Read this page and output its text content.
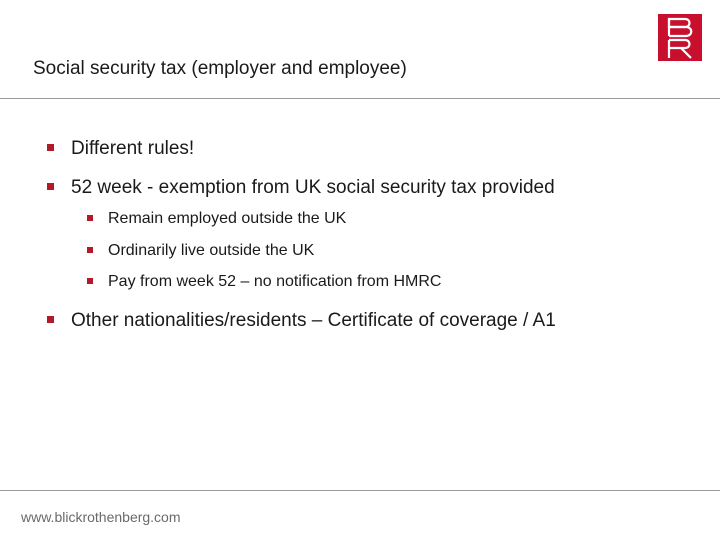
Social security tax (employer and employee)
Different rules!
52 week - exemption from UK social security tax provided
Remain employed outside the UK
Ordinarily live outside the UK
Pay from week 52 – no notification from HMRC
Other nationalities/residents – Certificate of coverage / A1
www.blickrothenberg.com
